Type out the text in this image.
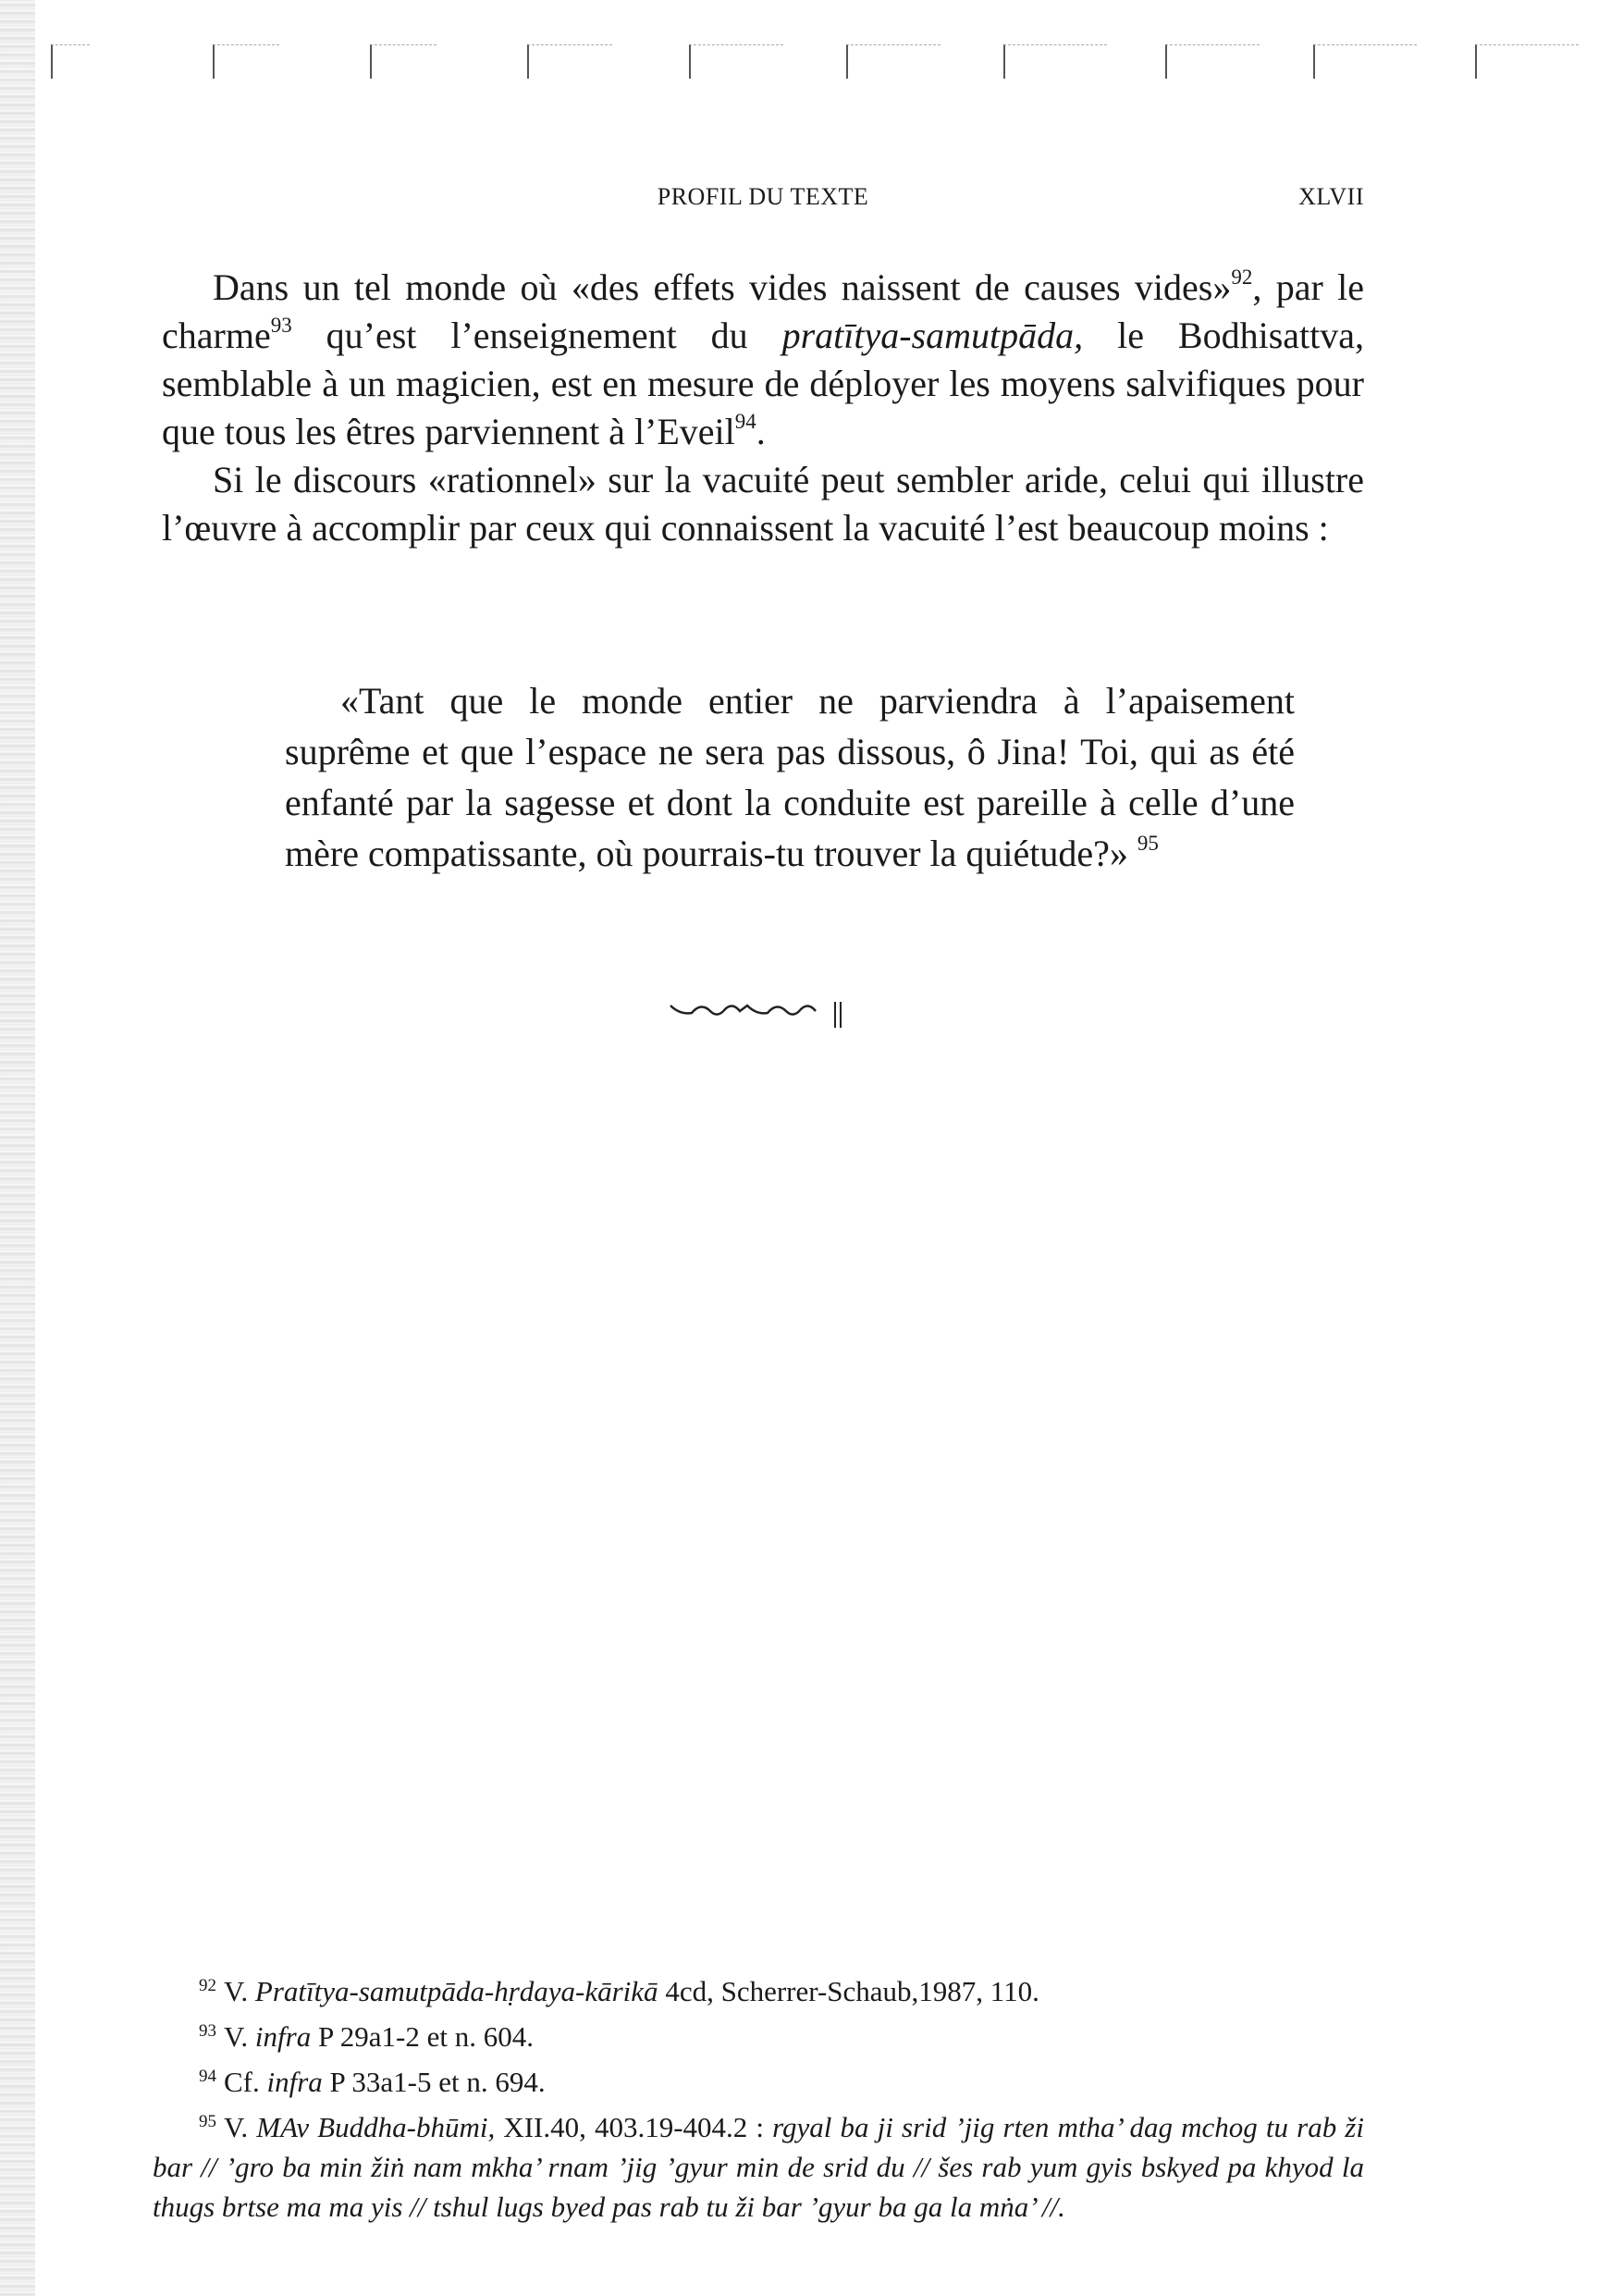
PROFIL DU TEXTE	XLVII

Dans un tel monde où «des effets vides naissent de causes vides»$^{92}$, par le charme$^{93}$ qu’est l’enseignement du pratītya-samutpāda, le Bodhisattva, semblable à un magicien, est en mesure de déployer les moyens salvifiques pour que tous les êtres parviennent à l’Eveil$^{94}$.

Si le discours «rationnel» sur la vacuité peut sembler aride, celui qui illustre l’œuvre à accomplir par ceux qui connaissent la vacuité l’est beaucoup moins :

«Tant que le monde entier ne parviendra à l’apaisement suprême et que l’espace ne sera pas dissous, ô Jina! Toi, qui as été enfanté par la sagesse et dont la conduite est pareille à celle d’une mère compatissante, où pourrais-tu trouver la quiétude?» $^{95}$

$^{92}$ V. Pratītya-samutpāda-hṛdaya-kārikā 4cd, Scherrer-Schaub,1987, 110.

$^{93}$ V. infra P 29a1-2 et n. 604.

$^{94}$ Cf. infra P 33a1-5 et n. 694.

$^{95}$ V. MAv Buddha-bhūmi, XII.40, 403.19-404.2 : rgyal ba ji srid ’jig rten mtha’ dag mchog tu rab ži bar // ’gro ba min žiṅ nam mkha’ rnam ’jig ’gyur min de srid du // šes rab yum gyis bskyed pa khyod la thugs brtse ma ma yis // tshul lugs byed pas rab tu ži bar ’gyur ba ga la mṅa’ //.
